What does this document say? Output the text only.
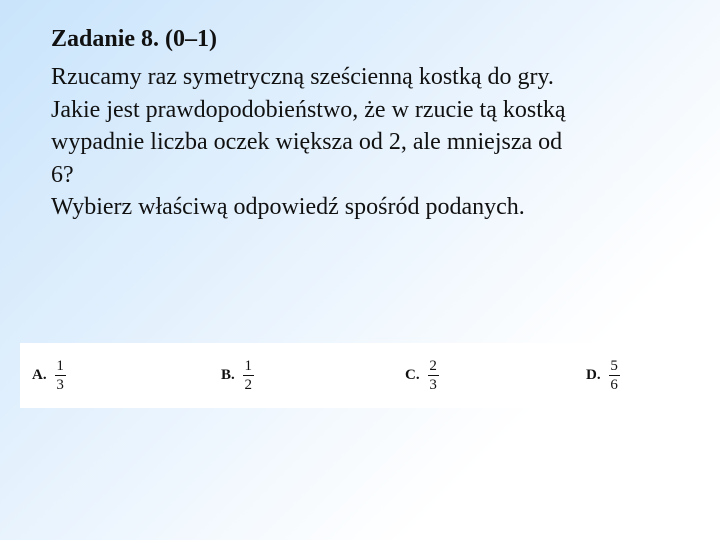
Zadanie 8. (0–1)
Rzucamy raz symetryczną sześcienną kostką do gry.
Jakie jest prawdopodobieństwo, że w rzucie tą kostką
wypadnie liczba oczek większa od 2, ale mniejsza od
6?
Wybierz właściwą odpowiedź spośród podanych.
A. $\frac{1}{3}$	B. $\frac{1}{2}$	C. $\frac{2}{3}$	D. $\frac{5}{6}$
